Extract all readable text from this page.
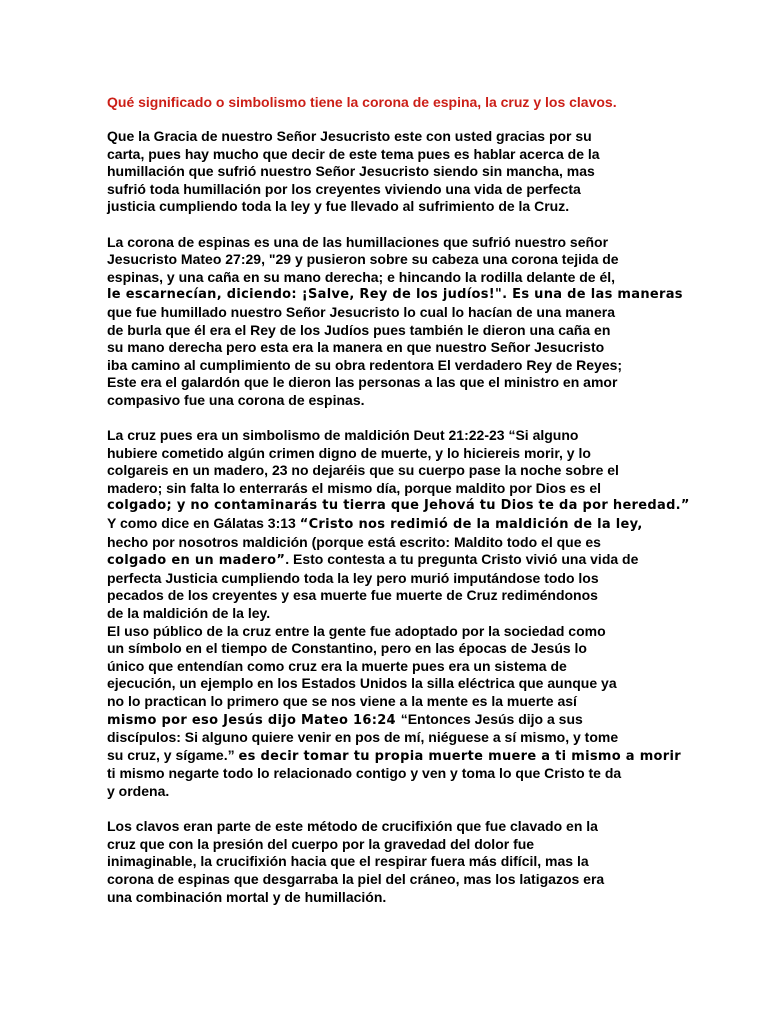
Qué significado o simbolismo tiene la corona de espina, la cruz y los clavos.
Que la Gracia de nuestro Señor Jesucristo este con usted gracias por su
carta, pues hay mucho que decir de este tema pues es hablar acerca de la
humillación que sufrió nuestro Señor Jesucristo siendo sin mancha, mas
sufrió toda humillación por los creyentes viviendo una vida de perfecta
justicia cumpliendo toda la ley y fue llevado al sufrimiento de la Cruz.
La corona de espinas es una de las humillaciones que sufrió nuestro señor
Jesucristo Mateo 27:29, "29 y pusieron sobre su cabeza una corona tejida de
espinas, y una caña en su mano derecha; e hincando la rodilla delante de él,
le escarnecían, diciendo: ¡Salve, Rey de los judíos!". Es una de las maneras
que fue humillado nuestro Señor Jesucristo lo cual lo hacían de una manera
de burla que él era el Rey de los Judíos pues también le dieron una caña en
su mano derecha pero esta era la manera en que nuestro Señor Jesucristo
iba camino al cumplimiento de su obra redentora El verdadero Rey de Reyes;
Este era el galardón que le dieron las personas a las que el ministro en amor
compasivo fue una corona de espinas.
La cruz pues era un simbolismo de maldición Deut 21:22-23 “Si alguno
hubiere cometido algún crimen digno de muerte, y lo hiciereis morir, y lo
colgareis en un madero, 23 no dejaréis que su cuerpo pase la noche sobre el
madero; sin falta lo enterrarás el mismo día, porque maldito por Dios es el
colgado; y no contaminarás tu tierra que Jehová tu Dios te da por heredad.”
Y como dice en Gálatas 3:13 “Cristo nos redimió de la maldición de la ley,
hecho por nosotros maldición (porque está escrito: Maldito todo el que es
colgado en un madero”. Esto contesta a tu pregunta Cristo vivió una vida de
perfecta Justicia cumpliendo toda la ley pero murió imputándose todo los
pecados de los creyentes y esa muerte fue muerte de Cruz rediméndonos
de la maldición de la ley.
El uso público de la cruz entre la gente fue adoptado por la sociedad como
un símbolo en el tiempo de Constantino, pero en las épocas de Jesús lo
único que entendían como cruz era la muerte pues era un sistema de
ejecución, un ejemplo en los Estados Unidos la silla eléctrica que aunque ya
no lo practican lo primero que se nos viene a la mente es la muerte así
mismo por eso Jesús dijo Mateo 16:24 “Entonces Jesús dijo a sus
discípulos: Si alguno quiere venir en pos de mí, niéguese a sí mismo, y tome
su cruz, y sígame.” es decir tomar tu propia muerte muere a ti mismo a morir
ti mismo negarte todo lo relacionado contigo y ven y toma lo que Cristo te da
y ordena.
Los clavos eran parte de este método de crucifixión que fue clavado en la
cruz que con la presión del cuerpo por la gravedad del dolor fue
inimaginable, la crucifixión hacia que el respirar fuera más difícil, mas la
corona de espinas que desgarraba la piel del cráneo, mas los latigazos era
una combinación mortal y de humillación.
